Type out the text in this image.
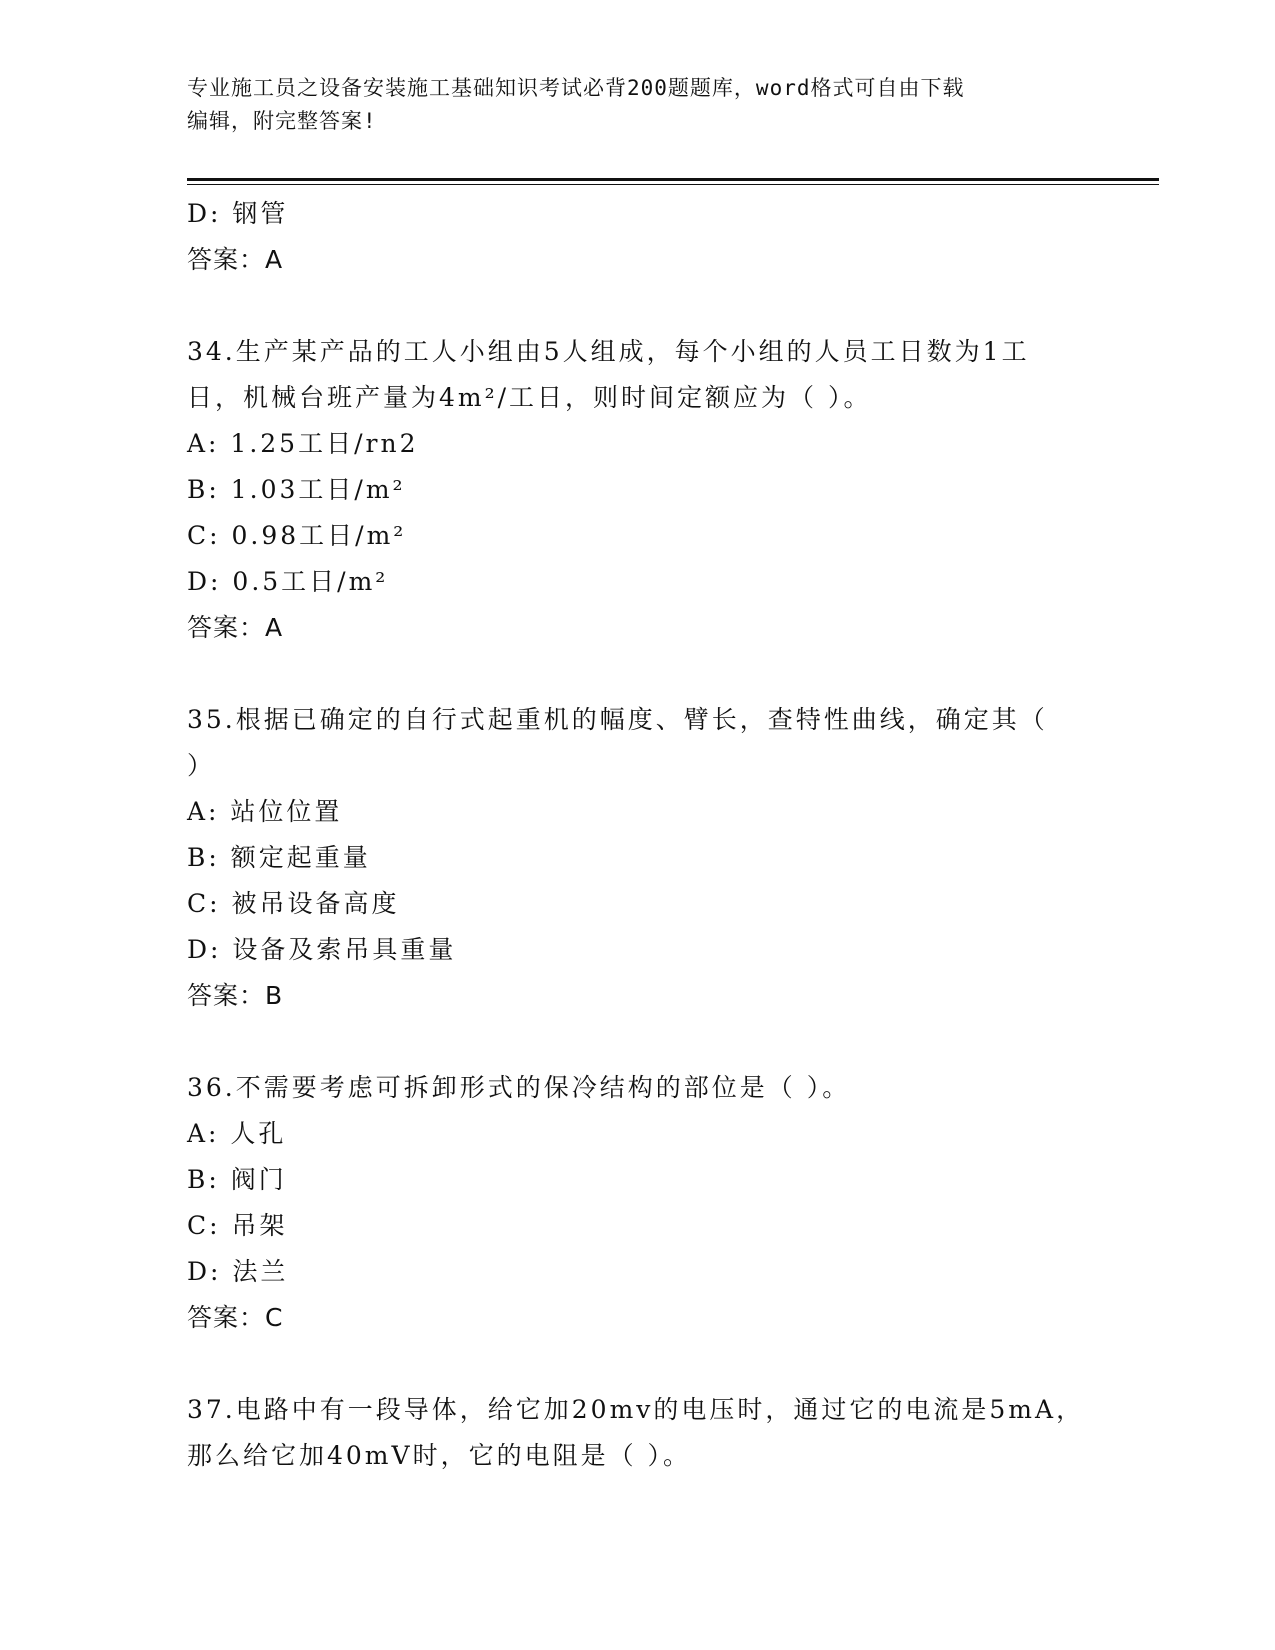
专业施工员之设备安装施工基础知识考试必背200题题库，word格式可自由下载
编辑，附完整答案!
D: 钢管
答案：A
34.生产某产品的工人小组由5人组成，每个小组的人员工日数为1工
日，机械台班产量为4m²/工日，则时间定额应为（ ）。
A: 1.25工日/rn2
B: 1.03工日/m²
C: 0.98工日/m²
D: 0.5工日/m²
答案：A
35.根据已确定的自行式起重机的幅度、臂长，查特性曲线，确定其（
）
A: 站位位置
B: 额定起重量
C: 被吊设备高度
D: 设备及索吊具重量
答案：B
36.不需要考虑可拆卸形式的保冷结构的部位是（ ）。
A: 人孔
B: 阀门
C: 吊架
D: 法兰
答案：C
37.电路中有一段导体，给它加20mv的电压时，通过它的电流是5mA，
那么给它加40mV时，它的电阻是（ ）。
